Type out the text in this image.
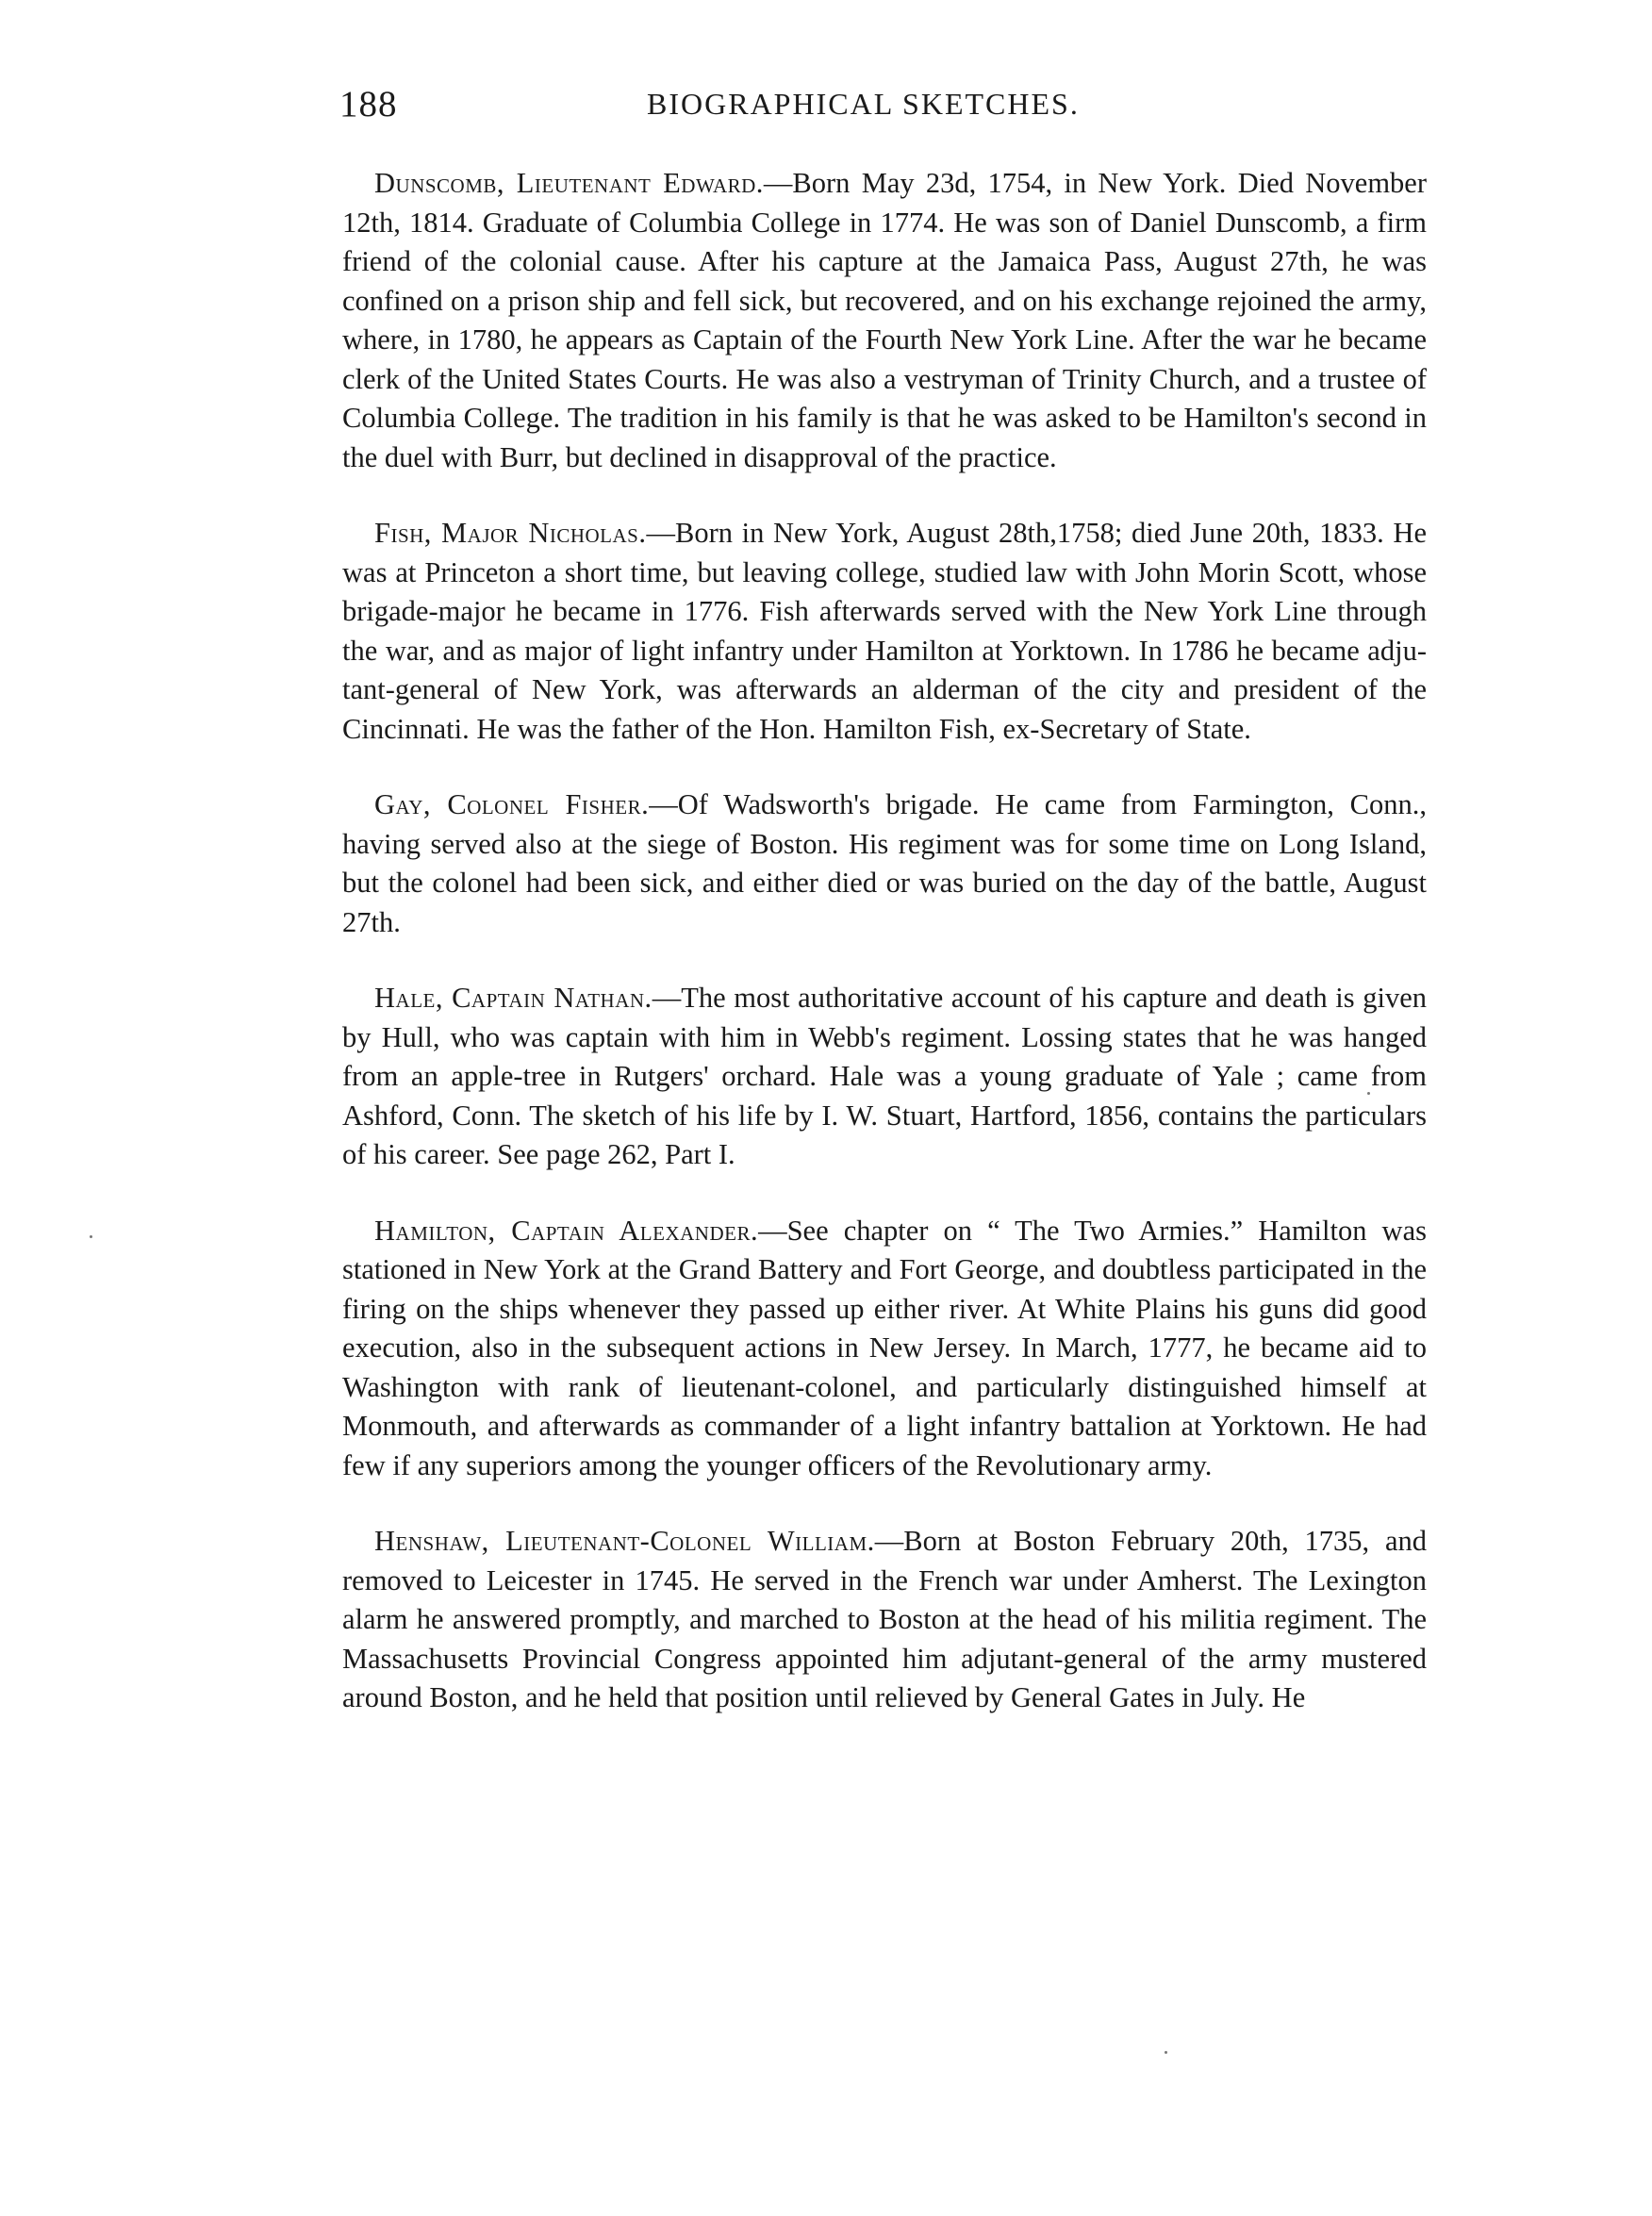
188	BIOGRAPHICAL SKETCHES.

Dunscomb, Lieutenant Edward.—Born May 23d, 1754, in New York. Died November 12th, 1814. Graduate of Columbia College in 1774. He was son of Daniel Dunscomb, a firm friend of the colonial cause. After his capture at the Jamaica Pass, August 27th, he was confined on a prison ship and fell sick, but recovered, and on his exchange rejoined the army, where, in 1780, he appears as Captain of the Fourth New York Line. After the war he became clerk of the United States Courts. He was also a vestryman of Trinity Church, and a trustee of Columbia College. The tradition in his family is that he was asked to be Hamilton's second in the duel with Burr, but declined in disapproval of the practice.

Fish, Major Nicholas.—Born in New York, August 28th,1758; died June 20th, 1833. He was at Princeton a short time, but leaving college, studied law with John Morin Scott, whose brigade-major he became in 1776. Fish afterwards served with the New York Line through the war, and as major of light infantry under Hamilton at Yorktown. In 1786 he became adjutant-general of New York, was afterwards an alderman of the city and president of the Cincinnati. He was the father of the Hon. Hamilton Fish, ex-Secretary of State.

Gay, Colonel Fisher.—Of Wadsworth's brigade. He came from Farmington, Conn., having served also at the siege of Boston. His regiment was for some time on Long Island, but the colonel had been sick, and either died or was buried on the day of the battle, August 27th.

Hale, Captain Nathan.—The most authoritative account of his capture and death is given by Hull, who was captain with him in Webb's regiment. Lossing states that he was hanged from an apple-tree in Rutgers' orchard. Hale was a young graduate of Yale ; came from Ashford, Conn. The sketch of his life by I. W. Stuart, Hartford, 1856, contains the particulars of his career. See page 262, Part I.

Hamilton, Captain Alexander.—See chapter on “ The Two Armies.” Hamilton was stationed in New York at the Grand Battery and Fort George, and doubtless participated in the firing on the ships whenever they passed up either river. At White Plains his guns did good execution, also in the subsequent actions in New Jersey. In March, 1777, he became aid to Washington with rank of lieutenant-colonel, and particularly distinguished himself at Monmouth, and afterwards as commander of a light infantry battalion at Yorktown. He had few if any superiors among the younger officers of the Revolutionary army.

Henshaw, Lieutenant-Colonel William.—Born at Boston February 20th, 1735, and removed to Leicester in 1745. He served in the French war under Amherst. The Lexington alarm he answered promptly, and marched to Boston at the head of his militia regiment. The Massachusetts Provincial Congress appointed him adjutant-general of the army mustered around Boston, and he held that position until relieved by General Gates in July. He
